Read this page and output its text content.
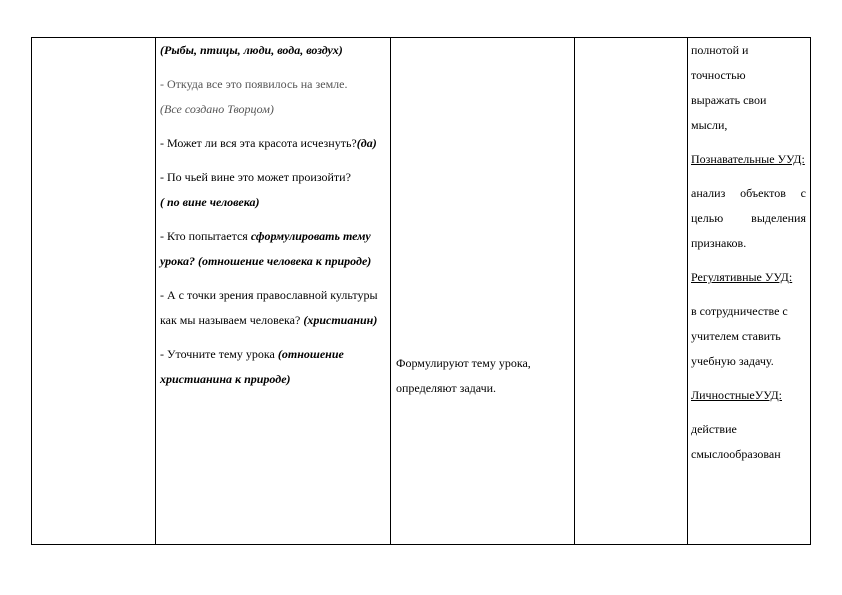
(Рыбы, птицы, люди, вода, воздух)

- Откуда все это появилось на земле.
(Все создано Творцом)

- Может ли вся эта красота исчезнуть?(да)

- По чьей вине это может произойти?
( по вине человека)

- Кто попытается сформулировать тему урока? (отношение человека к природе)

- А с точки зрения православной культуры как мы называем человека? (христианин)

- Уточните тему урока (отношение христианина к природе)

Формулируют тему урока, определяют задачи.

полнотой и

точностью

выражать свои

мысли,

Познавательные УУД:

анализ объектов с целью выделения признаков.

Регулятивные УУД:

в сотрудничестве с учителем ставить учебную задачу.

ЛичностныеУУД:

действие

смыслообразован
